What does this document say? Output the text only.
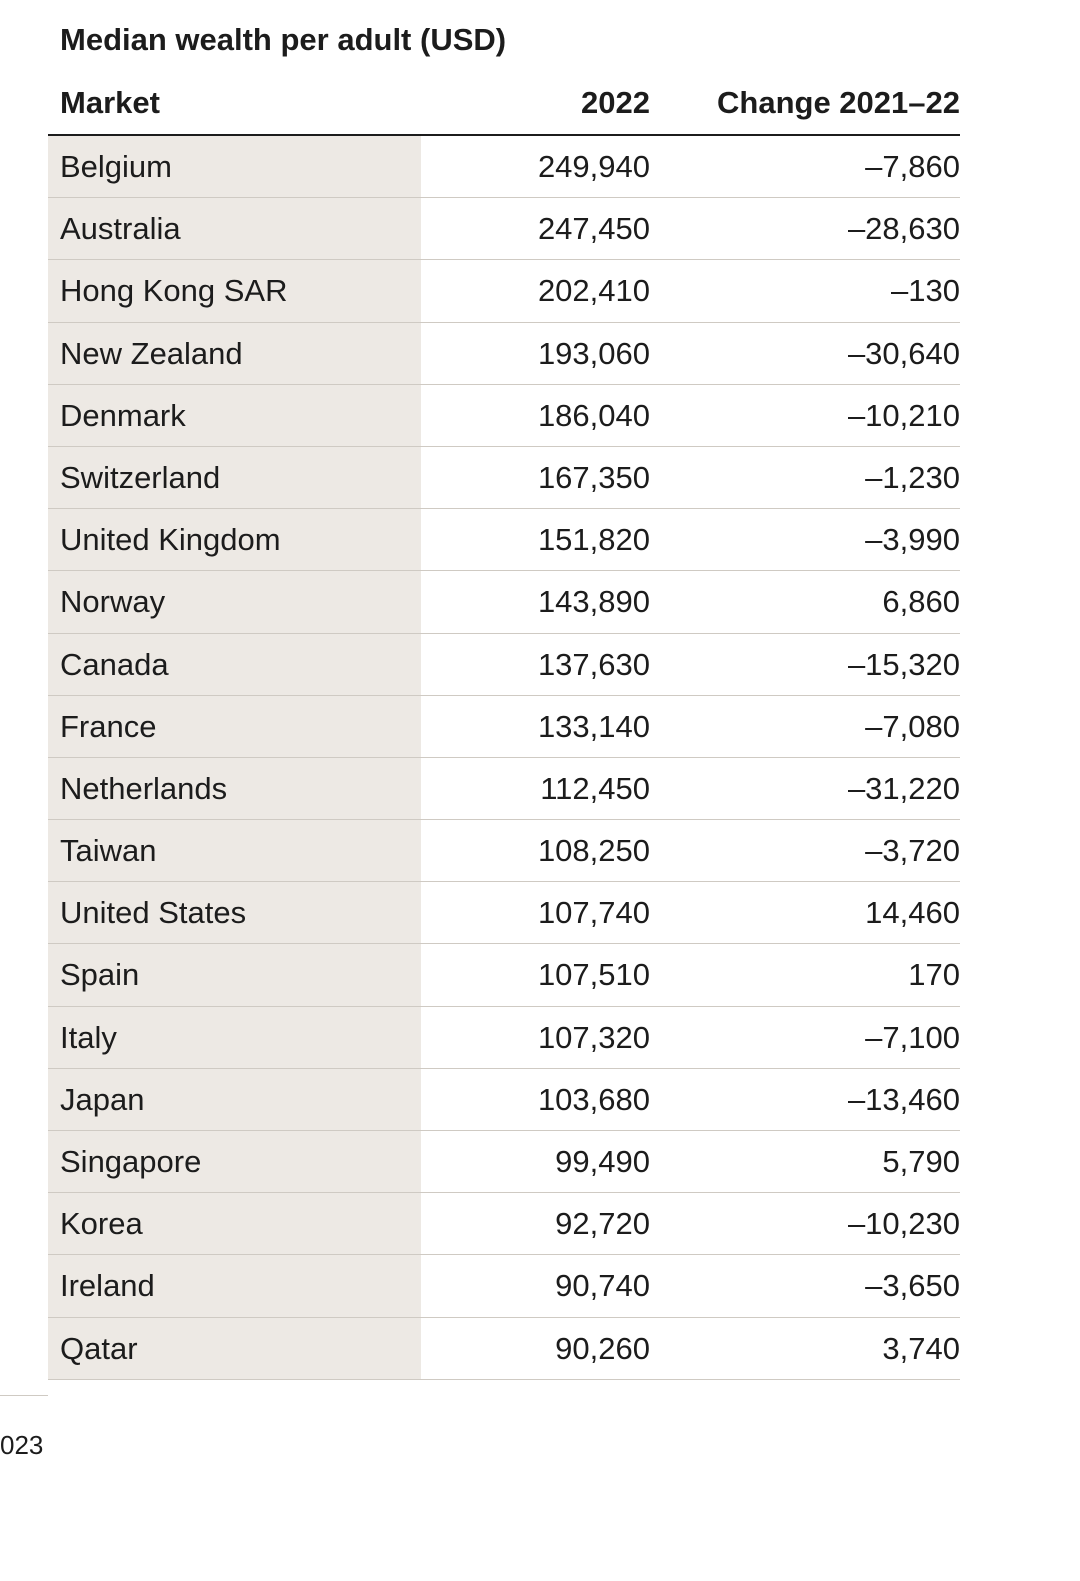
Median wealth per adult (USD)
Market	2022 Change 2021–22
Belgium	249,940	–7,860
Australia	247,450	–28,630
Hong Kong SAR	202,410	–130
New Zealand	193,060	–30,640
Denmark	186,040	–10,210
Switzerland	167,350	–1,230
United Kingdom	151,820	–3,990
Norway	143,890	6,860
Canada	137,630	–15,320
France	133,140	–7,080
Netherlands	112,450	–31,220
Taiwan	108,250	–3,720
United States	107,740	14,460
Spain	107,510	170
Italy	107,320	–7,100
Japan	103,680	–13,460
Singapore	99,490	5,790
Korea	92,720	–10,230
Ireland	90,740	–3,650
Qatar	90,260	3,740
023
